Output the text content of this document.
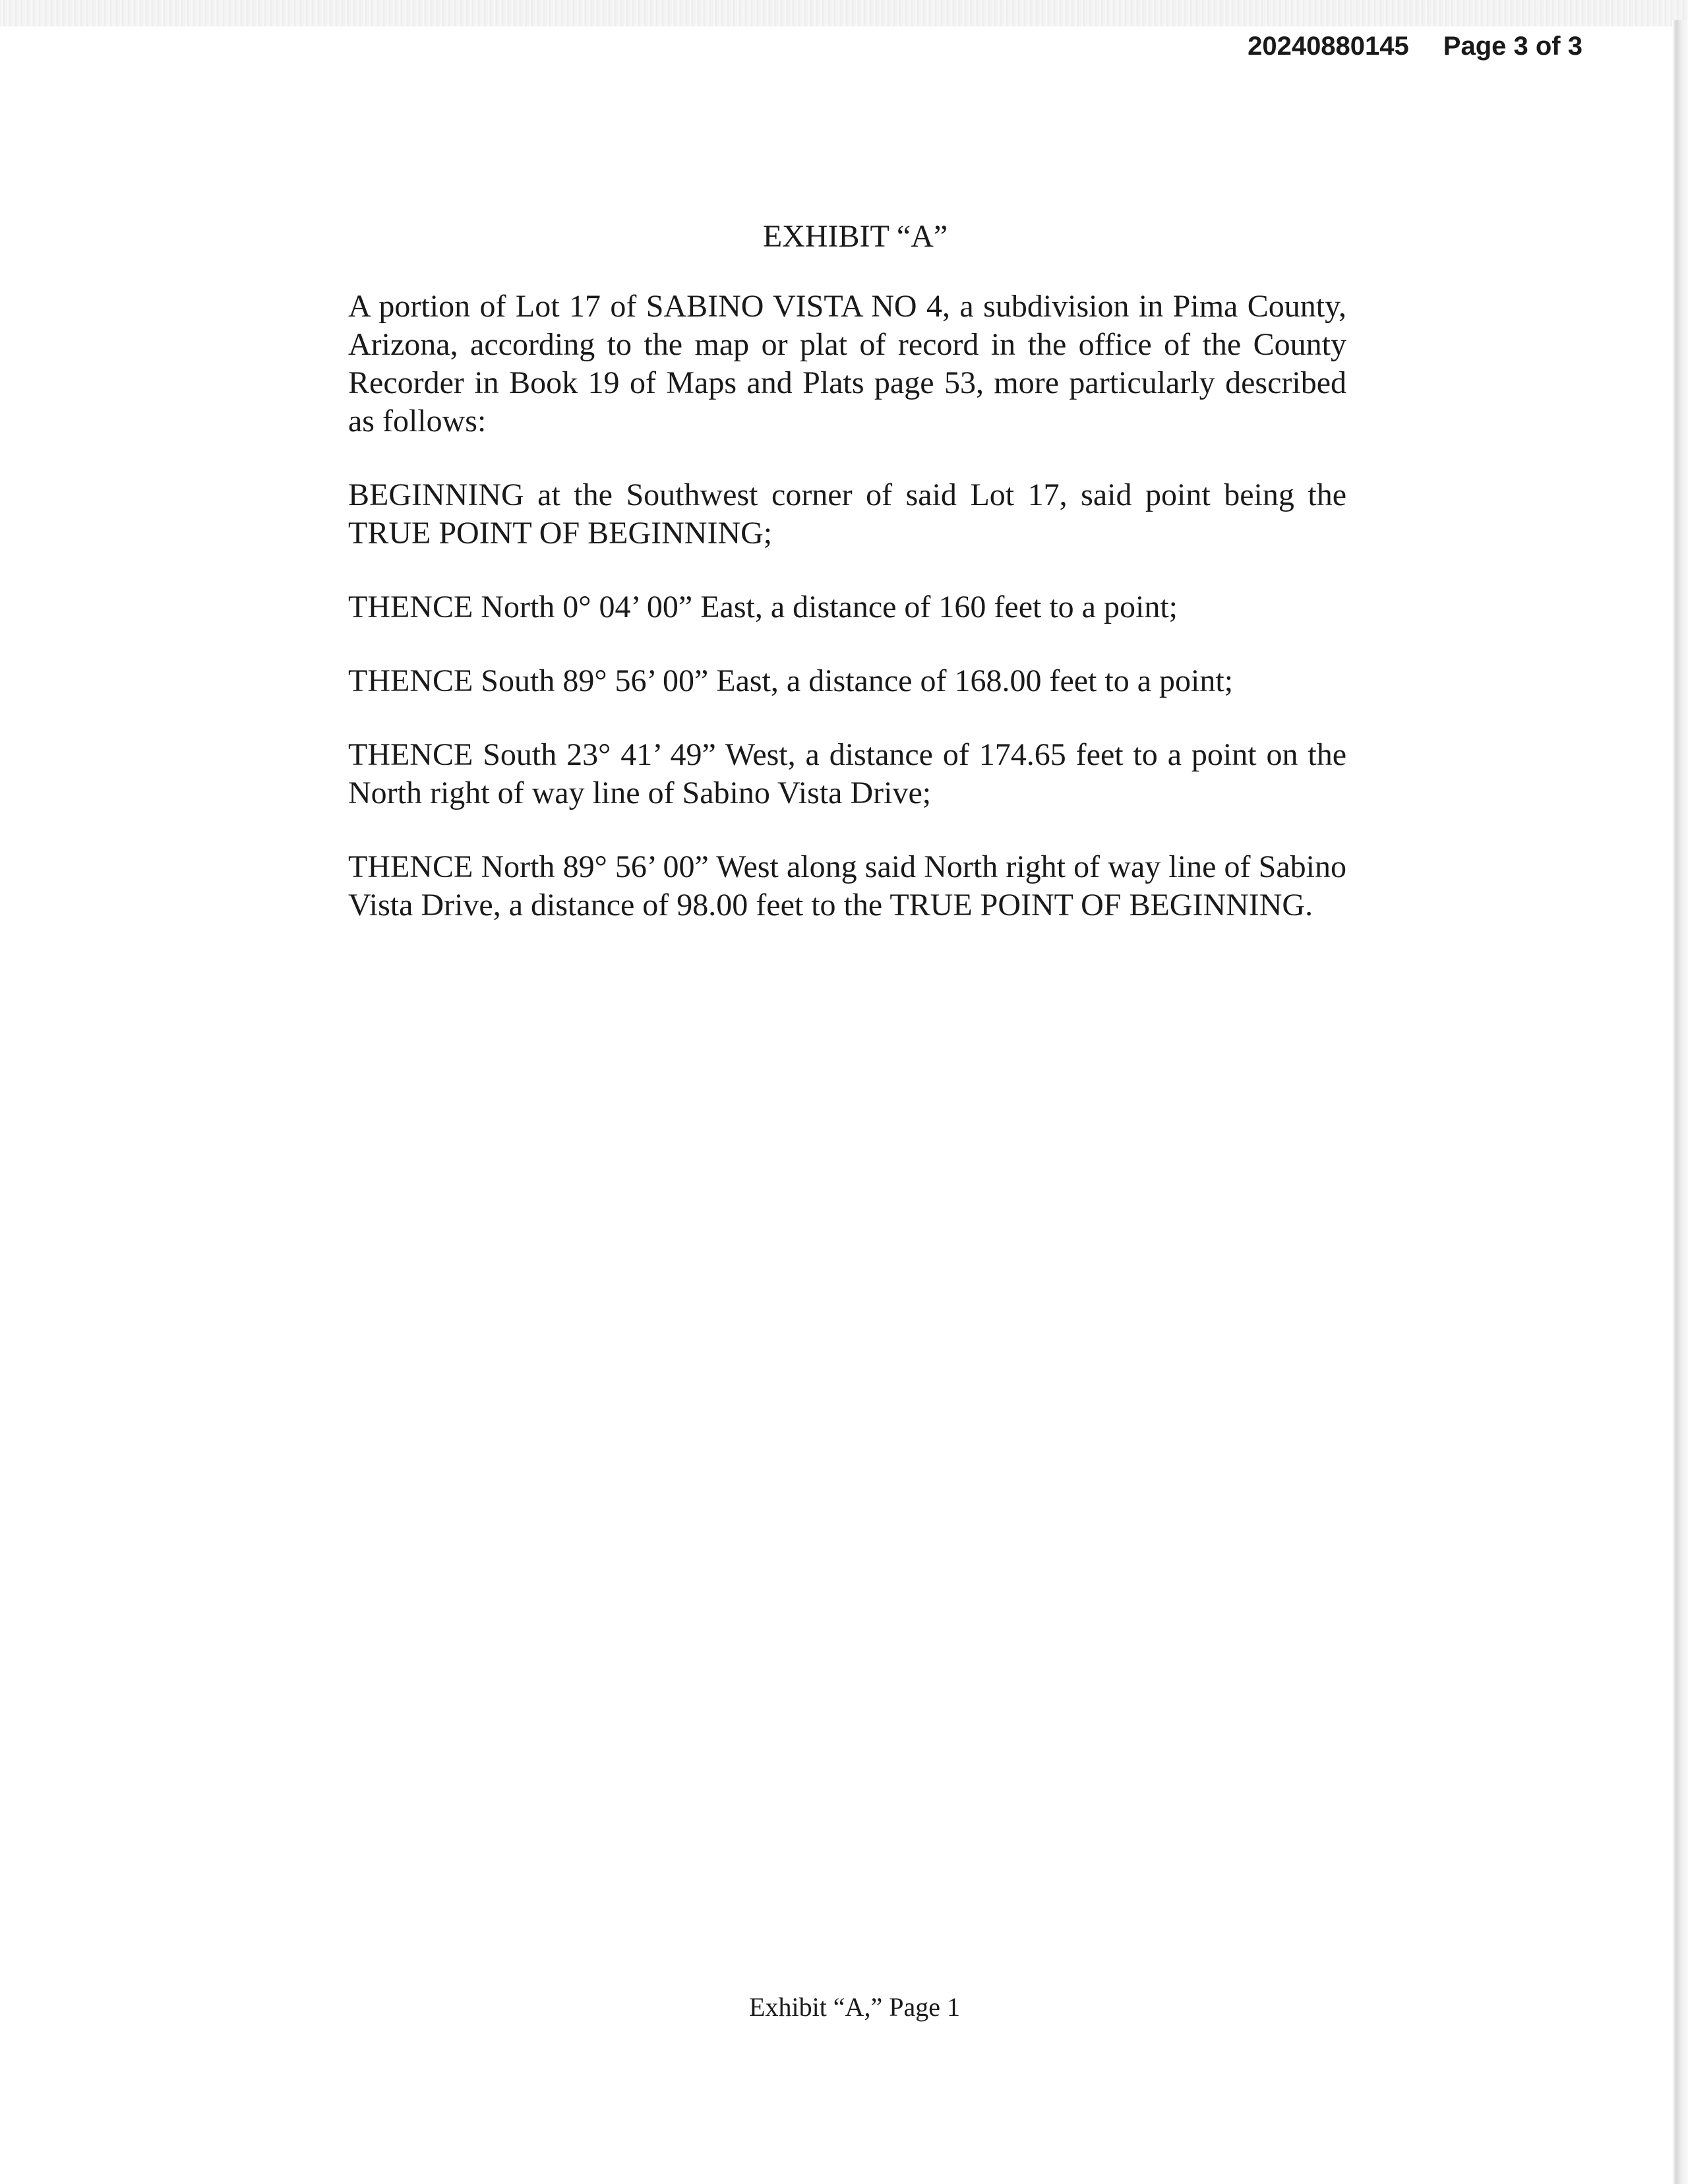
20240880145 Page 3 of 3
EXHIBIT “A”

A portion of Lot 17 of SABINO VISTA NO 4, a subdivision in Pima County, Arizona, according to the map or plat of record in the office of the County Recorder in Book 19 of Maps and Plats page 53, more particularly described as follows:

BEGINNING at the Southwest corner of said Lot 17, said point being the TRUE POINT OF BEGINNING;

THENCE North 0° 04’ 00” East, a distance of 160 feet to a point;

THENCE South 89° 56’ 00” East, a distance of 168.00 feet to a point;

THENCE South 23° 41’ 49” West, a distance of 174.65 feet to a point on the North right of way line of Sabino Vista Drive;

THENCE North 89° 56’ 00” West along said North right of way line of Sabino Vista Drive, a distance of 98.00 feet to the TRUE POINT OF BEGINNING.

Exhibit “A,” Page 1
